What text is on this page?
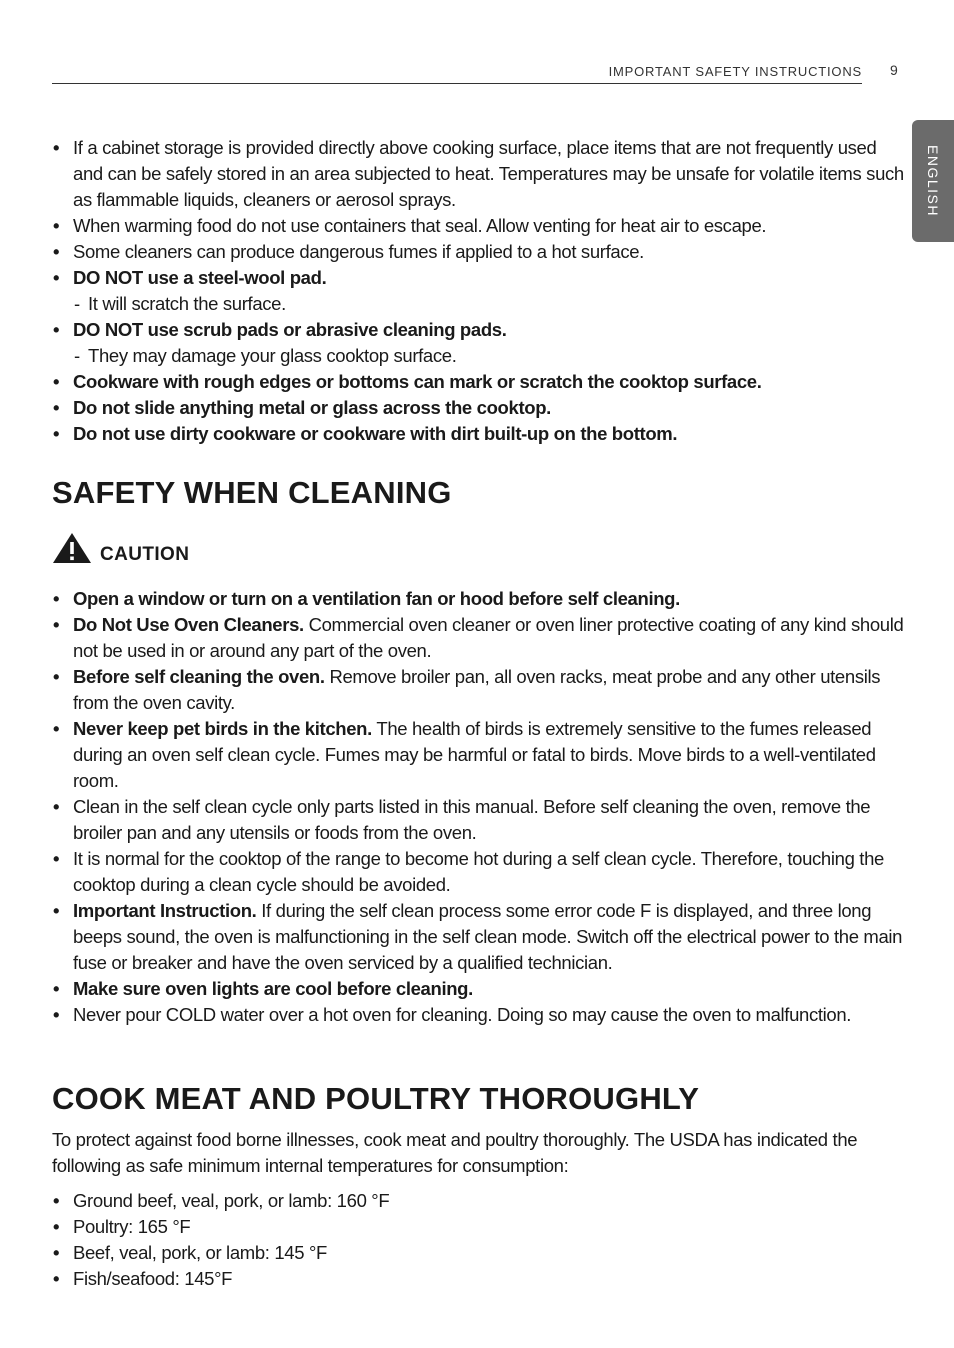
IMPORTANT SAFETY INSTRUCTIONS 9
ENGLISH
• If a cabinet storage is provided directly above cooking surface, place items that are not frequently used and can be safely stored in an area subjected to heat. Temperatures may be unsafe for volatile items such as flammable liquids, cleaners or aerosol sprays.
• When warming food do not use containers that seal. Allow venting for heat air to escape.
• Some cleaners can produce dangerous fumes if applied to a hot surface.
• DO NOT use a steel-wool pad.
- It will scratch the surface.
• DO NOT use scrub pads or abrasive cleaning pads.
- They may damage your glass cooktop surface.
• Cookware with rough edges or bottoms can mark or scratch the cooktop surface.
• Do not slide anything metal or glass across the cooktop.
• Do not use dirty cookware or cookware with dirt built-up on the bottom.
SAFETY WHEN CLEANING
CAUTION
• Open a window or turn on a ventilation fan or hood before self cleaning.
• Do Not Use Oven Cleaners. Commercial oven cleaner or oven liner protective coating of any kind should not be used in or around any part of the oven.
• Before self cleaning the oven. Remove broiler pan, all oven racks, meat probe and any other utensils from the oven cavity.
• Never keep pet birds in the kitchen. The health of birds is extremely sensitive to the fumes released during an oven self clean cycle. Fumes may be harmful or fatal to birds. Move birds to a well-ventilated room.
• Clean in the self clean cycle only parts listed in this manual. Before self cleaning the oven, remove the broiler pan and any utensils or foods from the oven.
• It is normal for the cooktop of the range to become hot during a self clean cycle. Therefore, touching the cooktop during a clean cycle should be avoided.
• Important Instruction. If during the self clean process some error code F is displayed, and three long beeps sound, the oven is malfunctioning in the self clean mode. Switch off the electrical power to the main fuse or breaker and have the oven serviced by a qualified technician.
• Make sure oven lights are cool before cleaning.
• Never pour COLD water over a hot oven for cleaning. Doing so may cause the oven to malfunction.
COOK MEAT AND POULTRY THOROUGHLY

To protect against food borne illnesses, cook meat and poultry thoroughly. The USDA has indicated the following as safe minimum internal temperatures for consumption:

• Ground beef, veal, pork, or lamb: 160 °F
• Poultry: 165 °F
• Beef, veal, pork, or lamb: 145 °F
• Fish/seafood: 145°F
